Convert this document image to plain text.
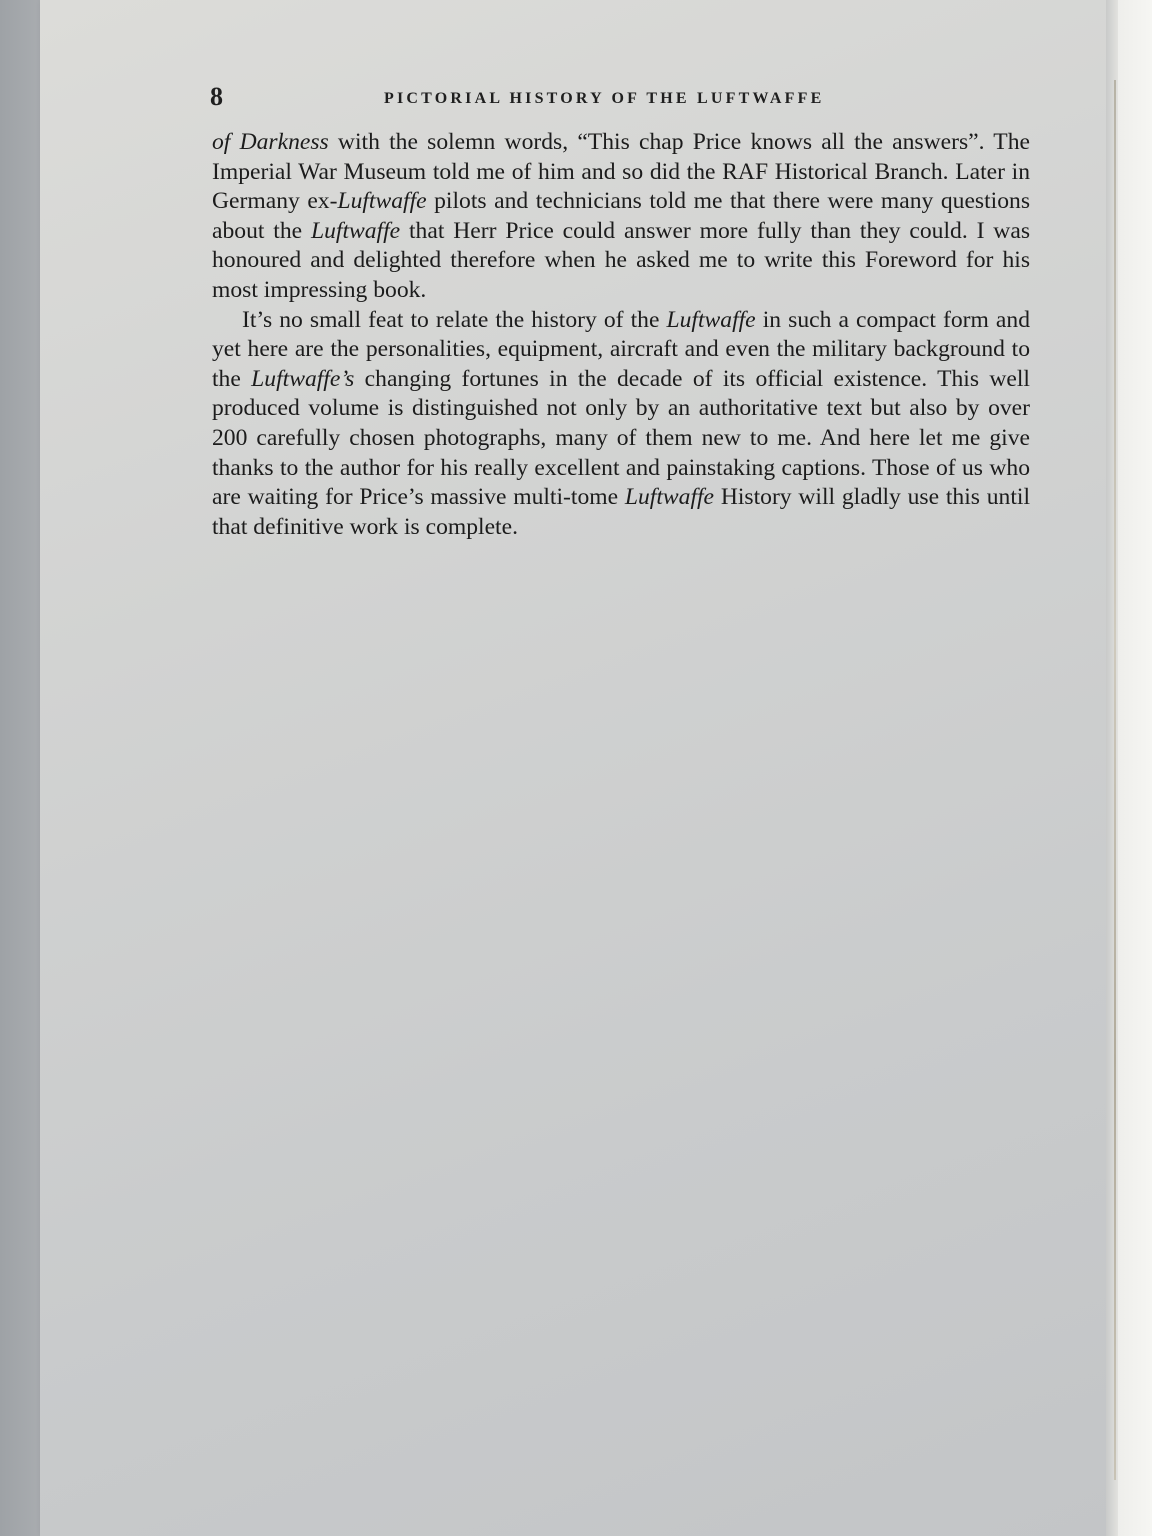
8	PICTORIAL HISTORY OF THE LUFTWAFFE

of Darkness with the solemn words, “This chap Price knows all the answers”. The Imperial War Museum told me of him and so did the RAF Historical Branch. Later in Germany ex-Luftwaffe pilots and technicians told me that there were many questions about the Luftwaffe that Herr Price could answer more fully than they could. I was honoured and delighted therefore when he asked me to write this Foreword for his most impressing book.

It’s no small feat to relate the history of the Luftwaffe in such a compact form and yet here are the personalities, equipment, aircraft and even the military background to the Luftwaffe’s changing fortunes in the decade of its official existence. This well produced volume is distinguished not only by an authoritative text but also by over 200 carefully chosen photographs, many of them new to me. And here let me give thanks to the author for his really excellent and painstaking captions. Those of us who are waiting for Price’s massive multi-tome Luftwaffe History will gladly use this until that definitive work is complete.
